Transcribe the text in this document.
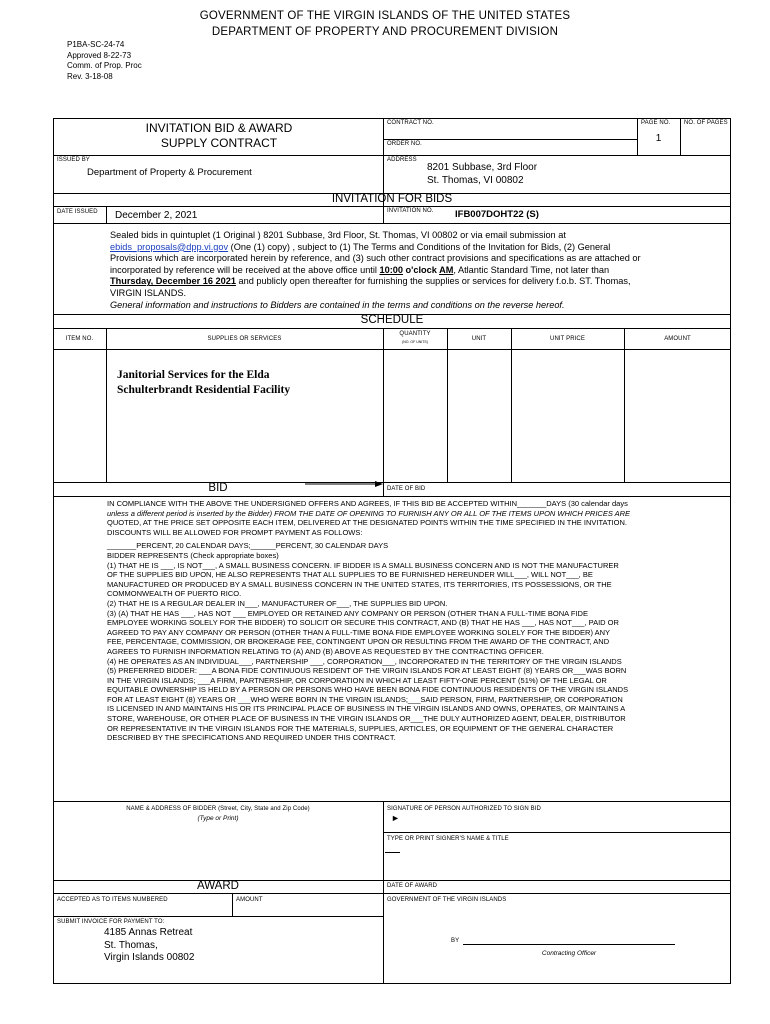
GOVERNMENT OF THE VIRGIN ISLANDS OF THE UNITED STATES
DEPARTMENT OF PROPERTY AND PROCUREMENT DIVISION
P1BA-SC-24-74
Approved 8-22-73
Comm. of Prop. Proc
Rev. 3-18-08
INVITATION BID & AWARD
SUPPLY CONTRACT
CONTRACT NO.
ORDER NO.
PAGE NO.
1
NO. OF PAGES
ISSUED BY
Department of Property & Procurement
ADDRESS
8201 Subbase, 3rd Floor
St. Thomas, VI 00802
INVITATION FOR BIDS
DATE ISSUED December 2, 2021	INVITATION NO. IFB007DOHT22 (S)
Sealed bids in quintuplet (1 Original ) 8201 Subbase, 3rd Floor, St. Thomas, VI 00802 or via email submission at
ebids_proposals@dpp.vi.gov (One (1) copy) , subject to (1) The Terms and Conditions of the Invitation for Bids, (2) General
Provisions which are incorporated herein by reference, and (3) such other contract provisions and specifications as are attached or
incorporated by reference will be received at the above office until 10:00 o'clock AM, Atlantic Standard Time, not later than
Thursday, December 16 2021 and publicly open thereafter for furnishing the supplies or services for delivery f.o.b. ST. Thomas,
VIRGIN ISLANDS.
General information and instructions to Bidders are contained in the terms and conditions on the reverse hereof.
SCHEDULE
ITEM NO.	SUPPLIES OR SERVICES
QUANTITY
(NO. OF UNITS)	UNIT	UNIT PRICE	AMOUNT
Janitorial Services for the Elda
Schulterbrandt Residential Facility
BID	DATE OF BID
IN COMPLIANCE WITH THE ABOVE THE UNDERSIGNED OFFERS AND AGREES, IF THIS BID BE ACCEPTED WITHIN_______DAYS (30 calendar days
unless a different period is inserted by the Bidder) FROM THE DATE OF OPENING TO FURNISH ANY OR ALL OF THE ITEMS UPON WHICH PRICES ARE
QUOTED, AT THE PRICE SET OPPOSITE EACH ITEM, DELIVERED AT THE DESIGNATED POINTS WITHIN THE TIME SPECIFIED IN THE INVITATION.
DISCOUNTS WILL BE ALLOWED FOR PROMPT PAYMENT AS FOLLOWS:
_______PERCENT, 20 CALENDAR DAYS;______PERCENT, 30 CALENDAR DAYS
BIDDER REPRESENTS (Check appropriate boxes)
(1) THAT HE IS ___, IS NOT___, A SMALL BUSINESS CONCERN. IF BIDDER IS A SMALL BUSINESS CONCERN AND IS NOT THE MANUFACTURER
OF THE SUPPLIES BID UPON, HE ALSO REPRESENTS THAT ALL SUPPLIES TO BE FURNISHED HEREUNDER WILL___, WILL NOT___, BE
MANUFACTURED OR PRODUCED BY A SMALL BUSINESS CONCERN IN THE UNITED STATES, ITS TERRITORIES, ITS POSSESSIONS, OR THE
COMMONWEALTH OF PUERTO RICO.
(2) THAT HE IS A REGULAR DEALER IN___, MANUFACTURER OF___, THE SUPPLIES BID UPON.
(3) (A) THAT HE HAS ___, HAS NOT ___ EMPLOYED OR RETAINED ANY COMPANY OR PERSON (OTHER THAN A FULL-TIME BONA FIDE
EMPLOYEE WORKING SOLELY FOR THE BIDDER) TO SOLICIT OR SECURE THIS CONTRACT, AND (B) THAT HE HAS ___, HAS NOT___, PAID OR
AGREED TO PAY ANY COMPANY OR PERSON (OTHER THAN A FULL-TIME BONA FIDE EMPLOYEE WORKING SOLELY FOR THE BIDDER) ANY
FEE, PERCENTAGE, COMMISSION, OR BROKERAGE FEE, CONTINGENT UPON OR RESULTING FROM THE AWARD OF THE CONTRACT, AND
AGREES TO FURNISH INFORMATION RELATING TO (A) AND (B) ABOVE AS REQUESTED BY THE CONTRACTING OFFICER.
(4) HE OPERATES AS AN INDIVIDUAL___, PARTNERSHIP ___, CORPORATION___, INCORPORATED IN THE TERRITORY OF THE VIRGIN ISLANDS
(5) PREFERRED BIDDER: ___A BONA FIDE CONTINUOUS RESIDENT OF THE VIRGIN ISLANDS FOR AT LEAST EIGHT (8) YEARS OR___WAS BORN
IN THE VIRGIN ISLANDS; ___A FIRM, PARTNERSHIP, OR CORPORATION IN WHICH AT LEAST FIFTY-ONE PERCENT (51%) OF THE LEGAL OR
EQUITABLE OWNERSHIP IS HELD BY A PERSON OR PERSONS WHO HAVE BEEN BONA FIDE CONTINUOUS RESIDENTS OF THE VIRGIN ISLANDS
FOR AT LEAST EIGHT (8) YEARS OR ___WHO WERE BORN IN THE VIRGIN ISLANDS;___SAID PERSON, FIRM, PARTNERSHIP, OR CORPORATION
IS LICENSED IN AND MAINTAINS HIS OR ITS PRINCIPAL PLACE OF BUSINESS IN THE VIRGIN ISLANDS AND OWNS, OPERATES, OR MAINTAINS A
STORE, WAREHOUSE, OR OTHER PLACE OF BUSINESS IN THE VIRGIN ISLANDS OR___THE DULY AUTHORIZED AGENT, DEALER, DISTRIBUTOR
OR REPRESENTATIVE IN THE VIRGIN ISLANDS FOR THE MATERIALS, SUPPLIES, ARTICLES, OR EQUIPMENT OF THE GENERAL CHARACTER
DESCRIBED BY THE SPECIFICATIONS AND REQUIRED UNDER THIS CONTRACT.
NAME & ADDRESS OF BIDDER (Street, City, State and Zip Code)
(Type or Print)
SIGNATURE OF PERSON AUTHORIZED TO SIGN BID
►
TYPE OR PRINT SIGNER'S NAME & TITLE
AWARD	DATE OF AWARD
ACCEPTED AS TO ITEMS NUMBERED	AMOUNT	GOVERNMENT OF THE VIRGIN ISLANDS
SUBMIT INVOICE FOR PAYMENT TO:
4185 Annas Retreat
St. Thomas,
Virgin Islands 00802
BY
Contracting Officer
